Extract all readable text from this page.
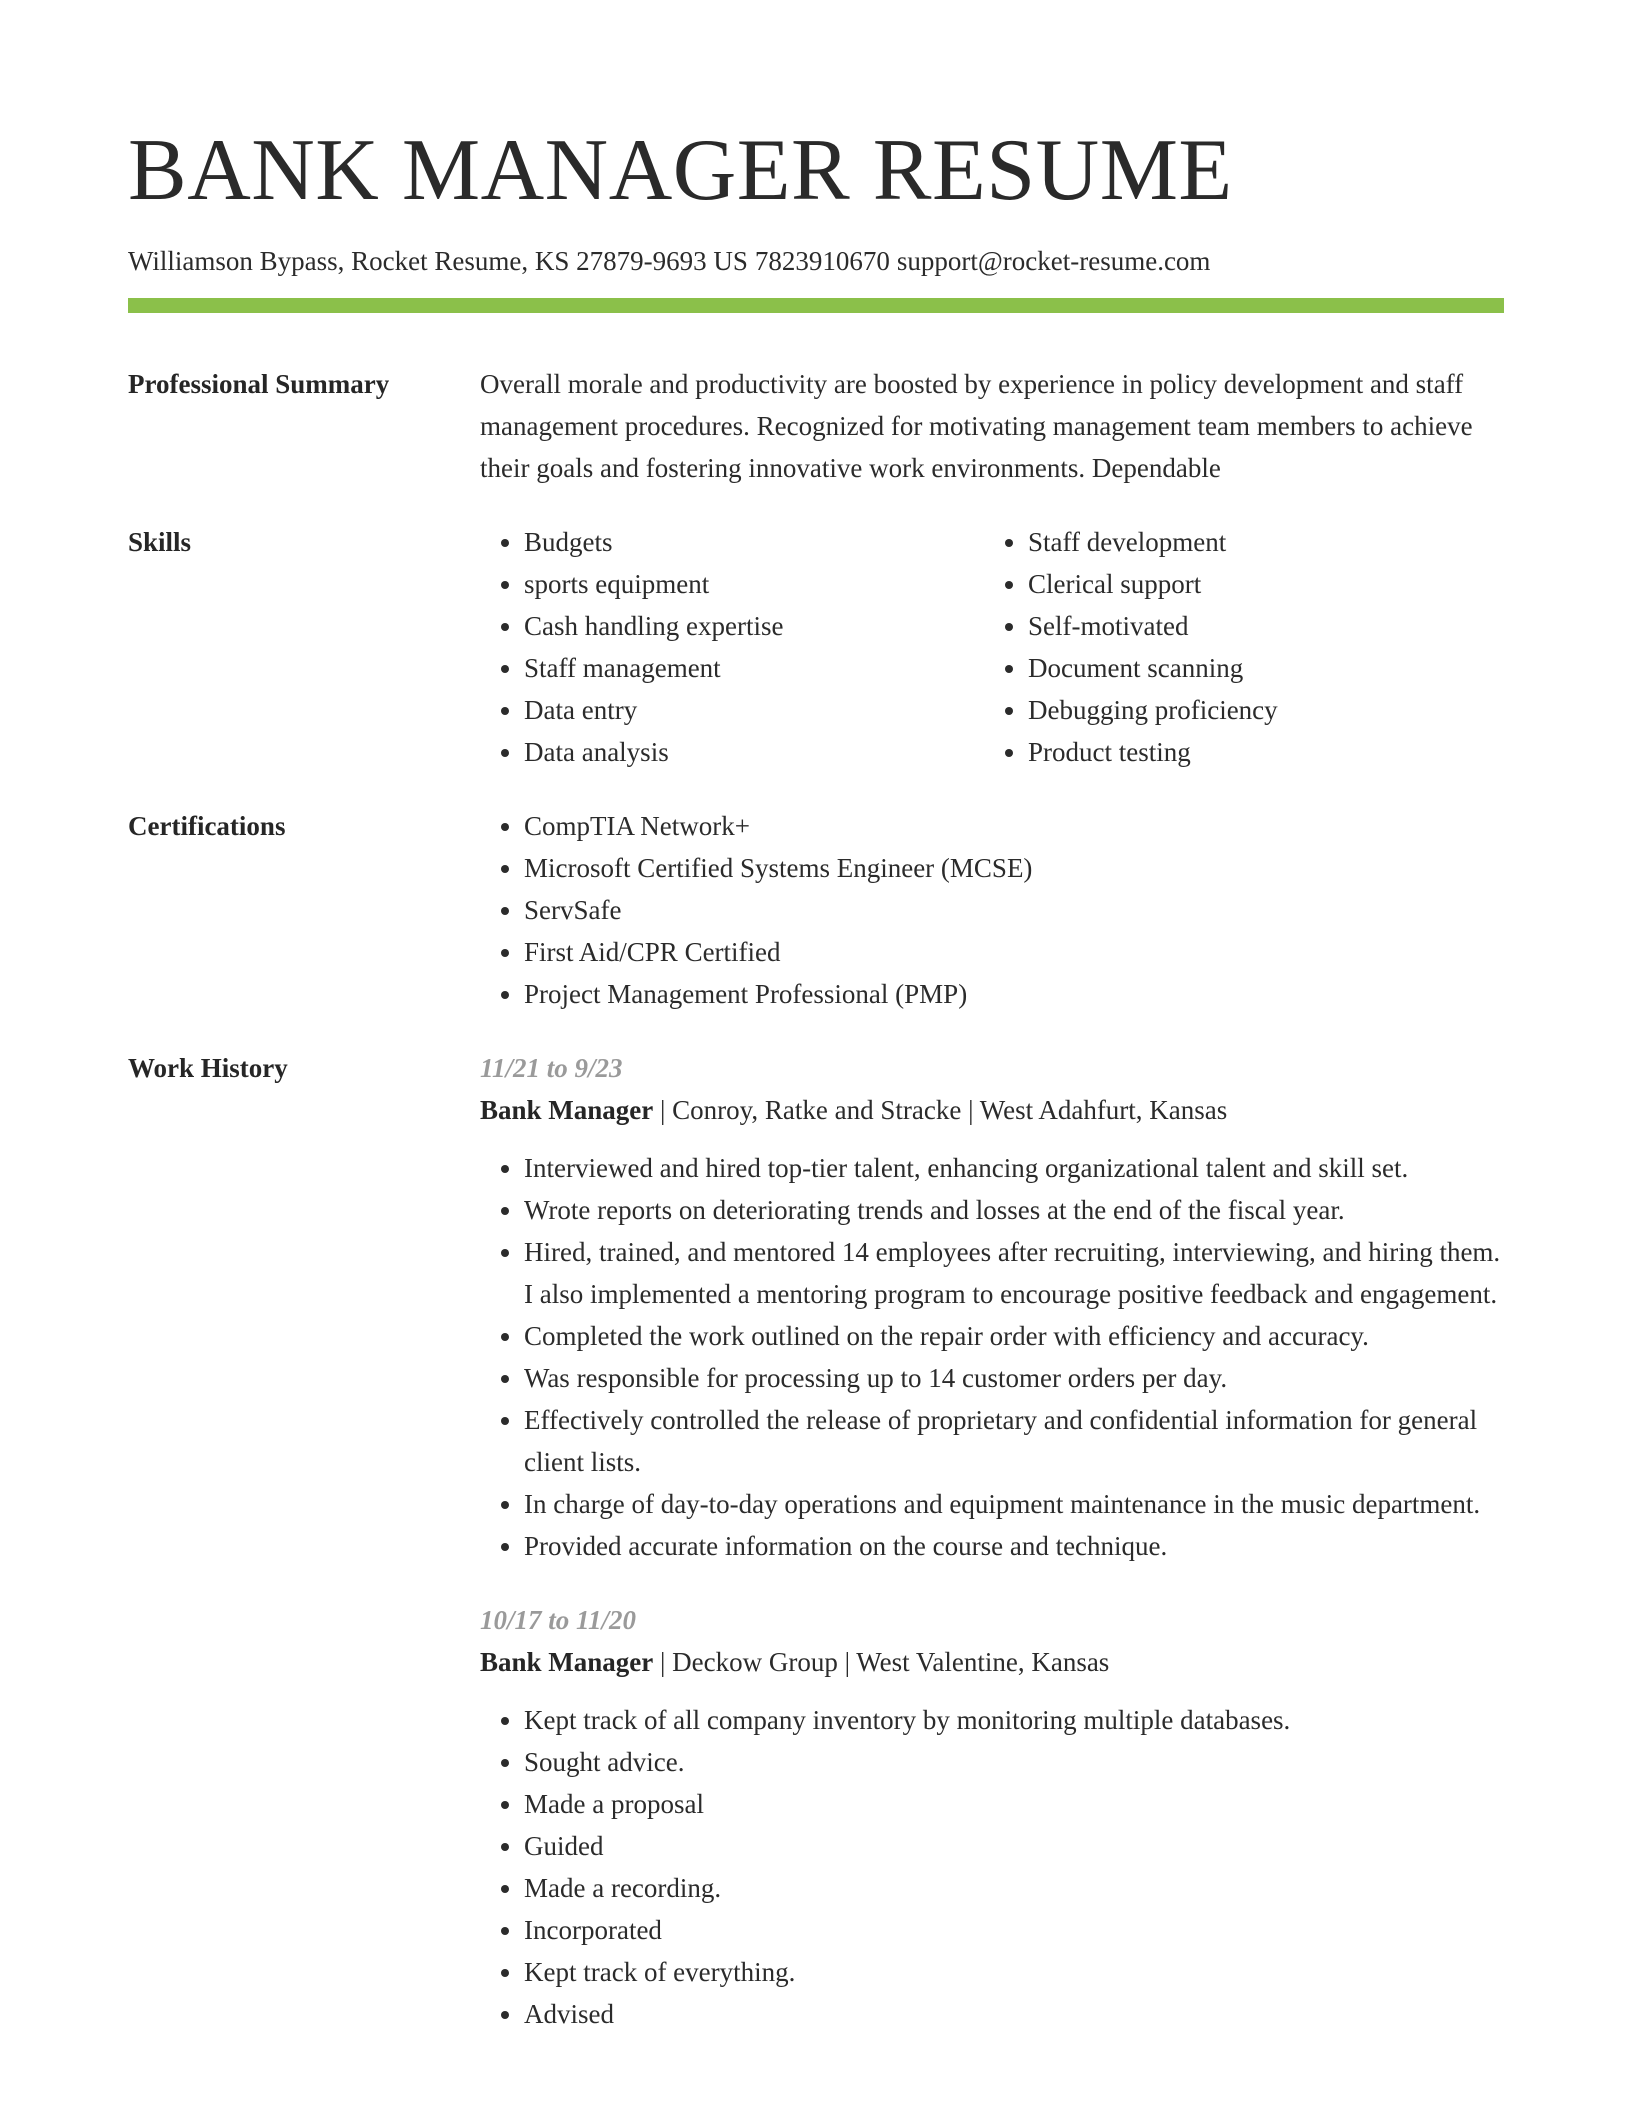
BANK MANAGER RESUME
Williamson Bypass, Rocket Resume, KS 27879-9693 US 7823910670 support@rocket-resume.com
Professional Summary	Overall morale and productivity are boosted by experience in policy development and staff management procedures. Recognized for motivating management team members to achieve their goals and fostering innovative work environments. Dependable

Skills	• Budgets
• sports equipment
• Cash handling expertise
• Staff management
• Data entry
• Data analysis
• Staff development
• Clerical support
• Self-motivated
• Document scanning
• Debugging proficiency
• Product testing
Certifications	• CompTIA Network+
• Microsoft Certified Systems Engineer (MCSE)
• ServSafe
• First Aid/CPR Certified
• Project Management Professional (PMP)
Work History	11/21 to 9/23
Bank Manager | Conroy, Ratke and Stracke | West Adahfurt, Kansas
• Interviewed and hired top-tier talent, enhancing organizational talent and skill set.
• Wrote reports on deteriorating trends and losses at the end of the fiscal year.
• Hired, trained, and mentored 14 employees after recruiting, interviewing, and hiring them. I also implemented a mentoring program to encourage positive feedback and engagement.
• Completed the work outlined on the repair order with efficiency and accuracy.
• Was responsible for processing up to 14 customer orders per day.
• Effectively controlled the release of proprietary and confidential information for general client lists.
• In charge of day-to-day operations and equipment maintenance in the music department.
• Provided accurate information on the course and technique.
10/17 to 11/20
Bank Manager | Deckow Group | West Valentine, Kansas
• Kept track of all company inventory by monitoring multiple databases.
• Sought advice.
• Made a proposal
• Guided
• Made a recording.
• Incorporated
• Kept track of everything.
• Advised
